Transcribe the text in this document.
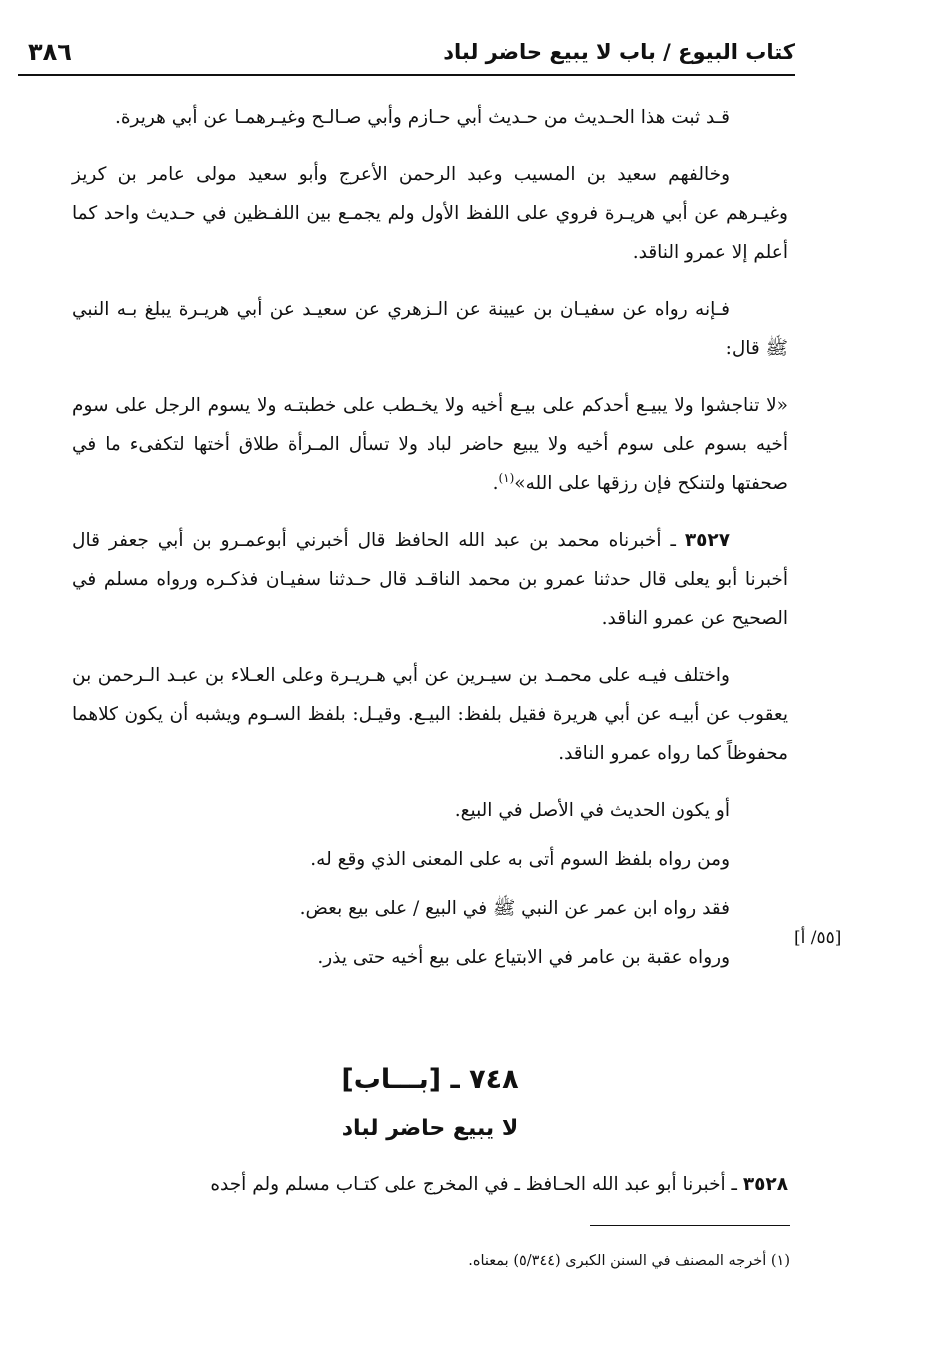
كتاب البيوع / باب لا يبيع حاضر لباد
٣٨٦

قـد ثبت هذا الحـديث من حـديث أبي حـازم وأبي صـالـح وغيـرهمـا عن أبي هريرة.

وخالفهم سعيد بن المسيب وعبد الرحمن الأعرج وأبو سعيد مولى عامر بن كريز وغيـرهم عن أبي هريـرة فروي على اللفظ الأول ولم يجمـع بين اللفـظين في حـديث واحد كما أعلم إلا عمرو الناقد.

فـإنه رواه عن سفيـان بن عيينة عن الـزهري عن سعيـد عن أبي هريـرة يبلغ بـه النبي ﷺ قال:

«لا تناجشوا ولا يبيـع أحدكم على بيـع أخيه ولا يخـطب على خطبتـه ولا يسوم الرجل على سوم أخيه بسوم على سوم أخيه ولا يبيع حاضر لباد ولا تسأل المـرأة طلاق أختها لتكفىء ما في صحفتها ولتنكح فإن رزقها على الله»$^{(١)}$.

٣٥٢٧ ـ أخبرناه محمد بن عبد الله الحافظ قال أخبرني أبوعمـرو بن أبي جعفر قال أخبرنا أبو يعلى قال حدثنا عمرو بن محمد الناقـد قال حـدثنا سفيـان فذكـره ورواه مسلم في الصحيح عن عمرو الناقد.

واختلف فيـه على محمـد بن سيـرين عن أبي هـريـرة وعلى العـلاء بن عبـد الـرحمن بن يعقوب عن أبيـه عن أبي هريرة فقيل بلفظ: البيـع. وقيـل: بلفظ السـوم ويشبه أن يكون كلاهما محفوظاً كما رواه عمرو الناقد.

أو يكون الحديث في الأصل في البيع.

ومن رواه بلفظ السوم أتى به على المعنى الذي وقع له.

فقد رواه ابن عمر عن النبي ﷺ في البيع / على بيع بعض.

ورواه عقبة بن عامر في الابتياع على بيع أخيه حتى يذر.

[٥٥/ أ]
٧٤٨ ـ [بـــاب]
لا يبيع حاضر لباد

٣٥٢٨ ـ أخبرنا أبو عبد الله الحـافظ ـ في المخرج على كتـاب مسلم ولم أجده

(١) أخرجه المصنف في السنن الكبرى (٥/٣٤٤) بمعناه.
